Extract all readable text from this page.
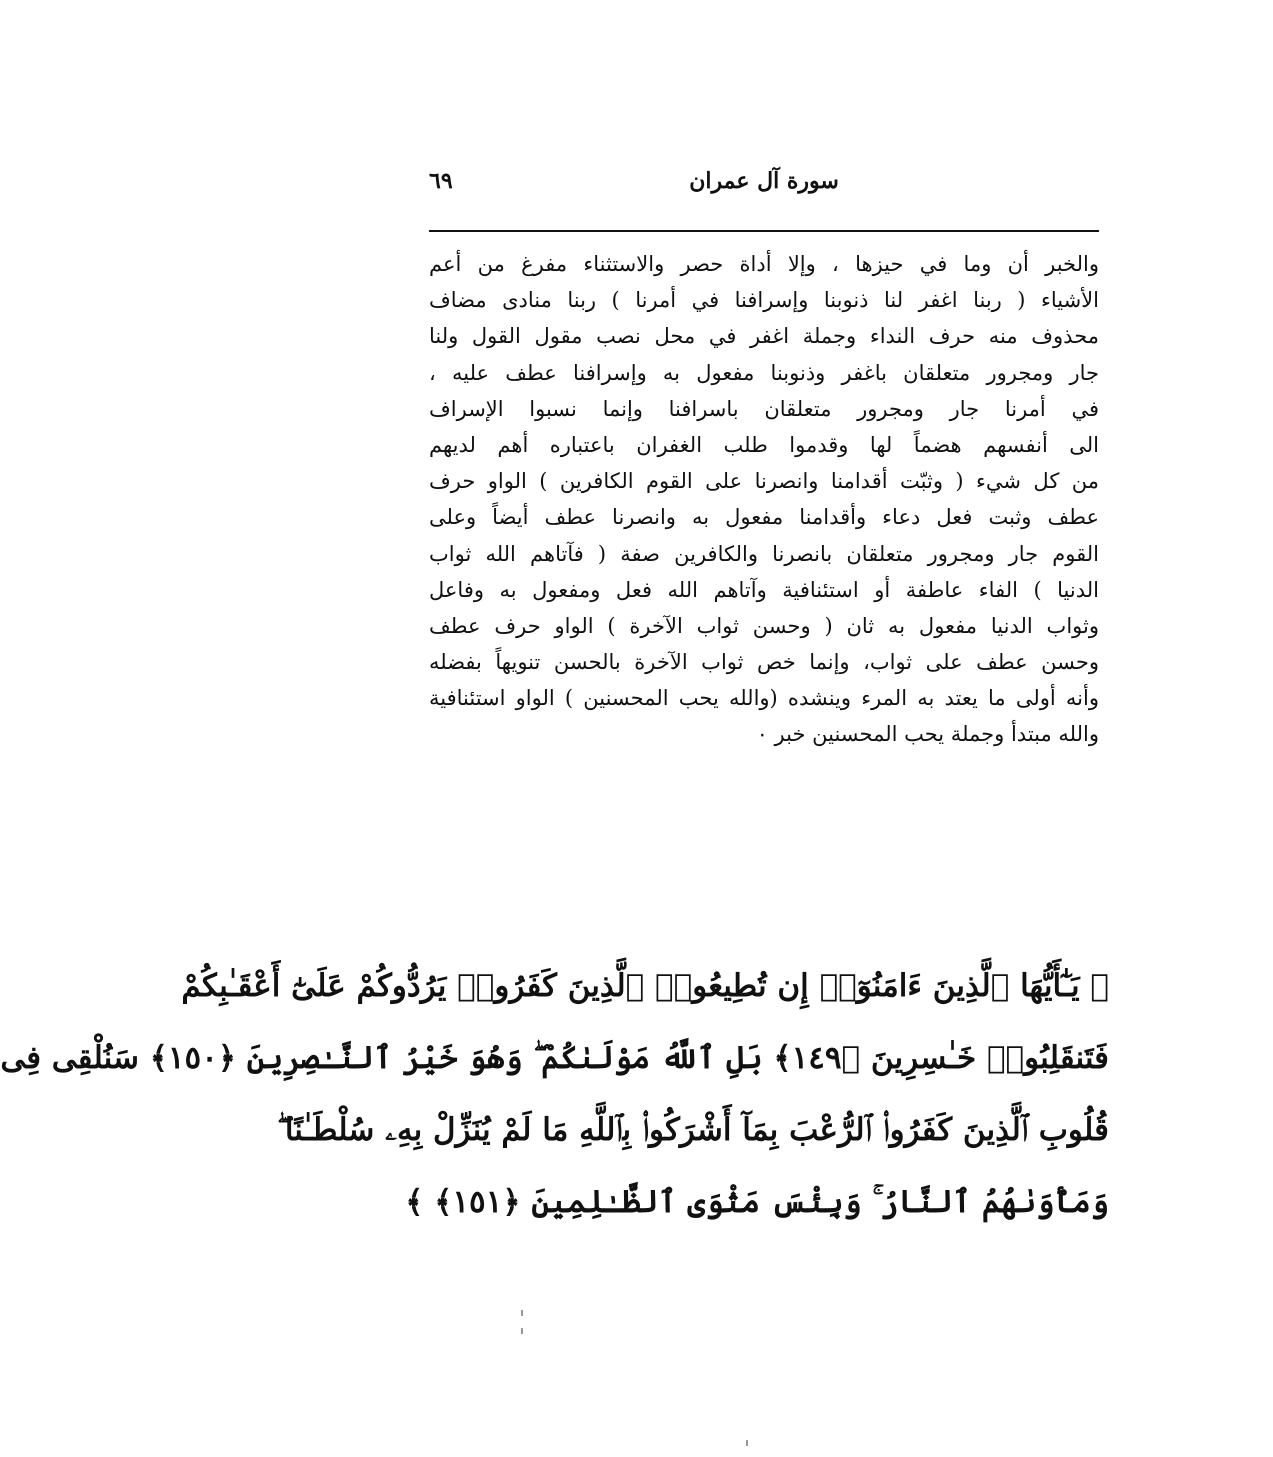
سورة آل عمران
٦٩
والخبر أن وما في حيزها ، وإلا أداة حصر والاستثناء مفرغ من أعم
الأشياء ( ربنا اغفر لنا ذنوبنا وإسرافنا في أمرنا ) ربنا منادى مضاف
محذوف منه حرف النداء وجملة اغفر في محل نصب مقول القول ولنا
جار ومجرور متعلقان باغفر وذنوبنا مفعول به وإسرافنا عطف عليه ،
في أمرنا جار ومجرور متعلقان باسرافنا وإنما نسبوا الإسراف
الى أنفسهم هضماً لها وقدموا طلب الغفران باعتباره أهم لديهم
من كل شيء ( وثبّت أقدامنا وانصرنا على القوم الكافرين ) الواو حرف
عطف وثبت فعل دعاء وأقدامنا مفعول به وانصرنا عطف أيضاً وعلى
القوم جار ومجرور متعلقان بانصرنا والكافرين صفة ( فآتاهم الله ثواب
الدنيا ) الفاء عاطفة أو استئنافية وآتاهم الله فعل ومفعول به وفاعل
وثواب الدنيا مفعول به ثان ( وحسن ثواب الآخرة ) الواو حرف عطف
وحسن عطف على ثواب، وإنما خص ثواب الآخرة بالحسن تنويهاً بفضله
وأنه أولى ما يعتد به المرء وينشده (والله يحب المحسنين ) الواو استئنافية
والله مبتدأ وجملة يحب المحسنين خبر ٠
﴿ يَـٰٓأَيُّهَا ٱلَّذِينَ ءَامَنُوٓا۟ إِن تُطِيعُوا۟ ٱلَّذِينَ كَفَرُوا۟ يَرُدُّوكُمْ عَلَىٰٓ أَعْقَـٰبِكُمْ
فَتَنقَلِبُوا۟ خَـٰسِرِينَ ﴿١٤٩﴾ بَلِ ٱللَّهُ مَوْلَىٰكُمْ ۖ وَهُوَ خَيْرُ ٱلنَّـٰصِرِينَ ﴿١٥٠﴾ سَنُلْقِى فِى
قُلُوبِ ٱلَّذِينَ كَفَرُوا۟ ٱلرُّعْبَ بِمَآ أَشْرَكُوا۟ بِٱللَّهِ مَا لَمْ يُنَزِّلْ بِهِۦ سُلْطَـٰنًا ۖ
وَمَأْوَىٰهُمُ ٱلنَّارُ ۚ وَبِئْسَ مَثْوَى ٱلظَّـٰلِمِينَ ﴿١٥١﴾ ﴾
